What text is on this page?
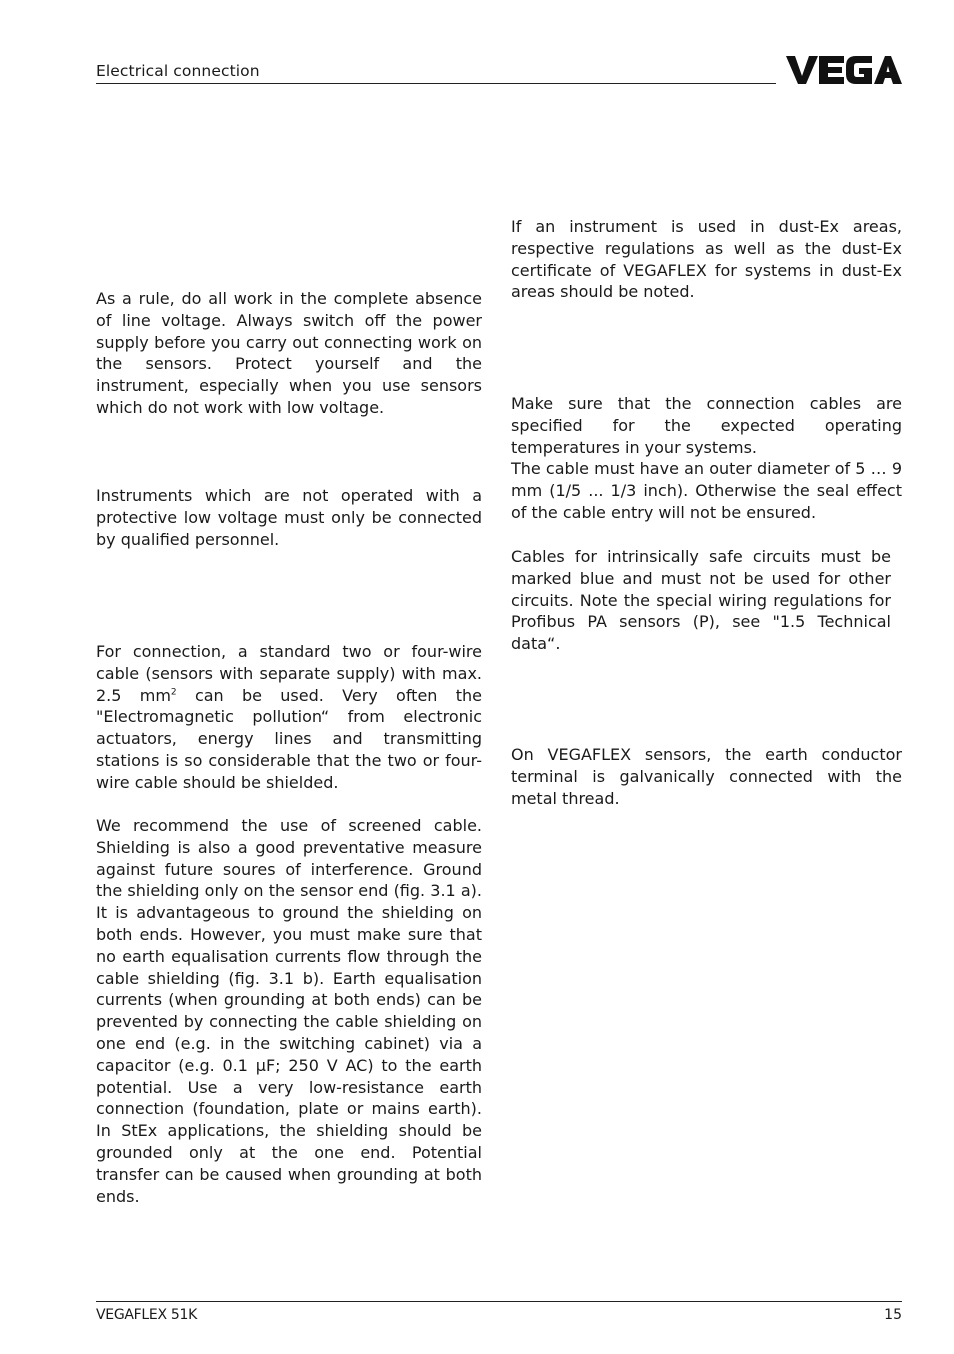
Electrical connection

As a rule, do all work in the complete absence of line voltage. Always switch off the power supply before you carry out connecting work on the sensors. Protect yourself and the instrument, especially when you use sensors which do not work with low voltage.

Instruments which are not operated with a protective low voltage must only be connected by qualified personnel.

For connection, a standard two or four-wire cable (sensors with separate supply) with max. 2.5 $mm^2$ can be used. Very often the "Electromagnetic pollution“ from electronic actuators, energy lines and transmitting stations is so considerable that the two or four-wire cable should be shielded.

We recommend the use of screened cable. Shielding is also a good preventative measure against future soures of interference. Ground the shielding only on the sensor end (fig. 3.1 a). It is advantageous to ground the shielding on both ends. However, you must make sure that no earth equalisation currents flow through the cable shielding (fig. 3.1 b). Earth equalisation currents (when grounding at both ends) can be prevented by connecting the cable shielding on one end (e.g. in the switching cabinet) via a capacitor (e.g. 0.1 µF; 250 V AC) to the earth potential. Use a very low-resistance earth connection (foundation, plate or mains earth). In StEx applications, the shielding should be grounded only at the one end. Potential transfer can be caused when grounding at both ends.

If an instrument is used in dust-Ex areas, respective regulations as well as the dust-Ex certificate of VEGAFLEX for systems in dust-Ex areas should be noted.

Make sure that the connection cables are specified for the expected operating temperatures in your systems.

The cable must have an outer diameter of 5 … 9 mm (1/5 ... 1/3 inch). Otherwise the seal effect of the cable entry will not be ensured.

Cables for intrinsically safe circuits must be marked blue and must not be used for other circuits. Note the special wiring regulations for Profibus PA sensors (P), see "1.5 Technical data“.

On VEGAFLEX sensors, the earth conductor terminal is galvanically connected with the metal thread.

VEGAFLEX 51K	15
